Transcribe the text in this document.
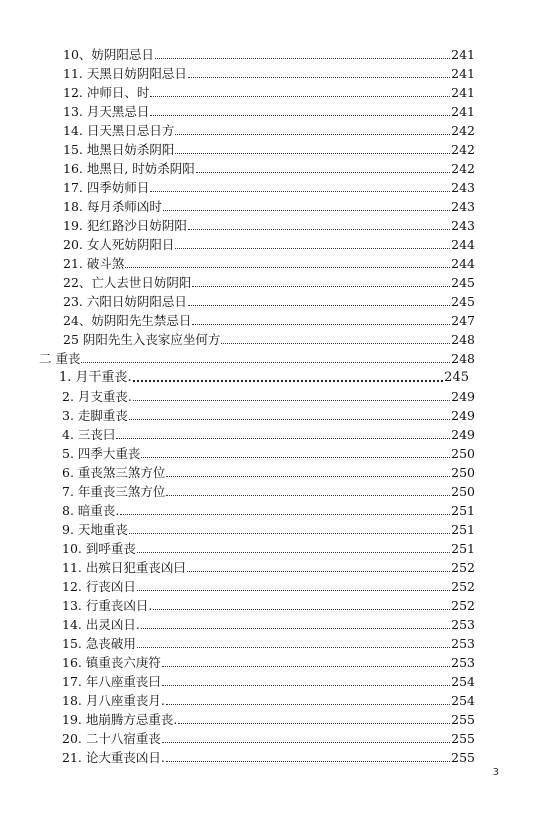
10、妨阴阳忌日	241
11. 天黑日妨阴阳忌日	241
12. 冲师日、时	241
13. 月天黑忌日	241
14. 日天黑日忌日方	242
15. 地黑日妨杀阴阳	242
16. 地黑日, 时妨杀阴阳	242
17. 四季妨师日	243
18. 每月杀师凶时	243
19. 犯红路沙日妨阴阳	243
20. 女人死妨阴阳日	244
21. 破斗煞	244
22、亡人去世日妨阴阳	245
23. 六阳日妨阴阳忌日	245
24、妨阴阳先生禁忌日	247
25 阴阳先生入丧家应坐何方	248
二 重丧	248
1. 月干重丧.	245
2. 月支重丧.	249
3. 走脚重丧	249
4. 三丧曰	249
5. 四季大重丧	250
6. 重丧煞三煞方位	250
7. 年重丧三煞方位	250
8. 暗重丧.	251
9. 天地重丧	251
10. 到呼重丧	251
11. 出殡日犯重丧凶曰	252
12. 行丧凶日	252
13. 行重丧凶日.	252
14. 出灵凶日.	253
15. 急丧破用	253
16. 镇重丧六庚符	253
17. 年八座重丧曰	254
18. 月八座重丧月.	254
19. 地崩腾方忌重丧.	255
20. 二十八宿重丧	255
21. 论大重丧凶日.	255
3
